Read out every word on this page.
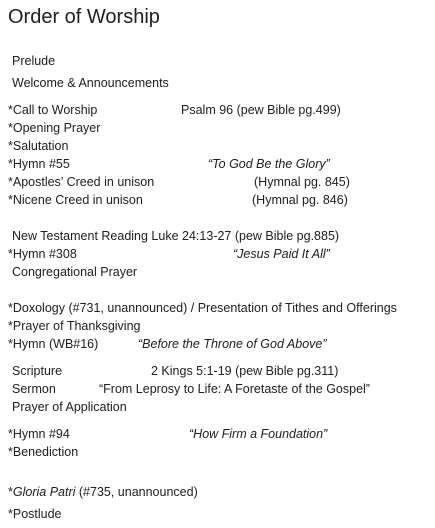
Order of Worship
Prelude
Welcome & Announcements
*Call to Worship	Psalm 96 (pew Bible pg.499)
*Opening Prayer
*Salutation
*Hymn #55	“To God Be the Glory”
*Apostles’ Creed in unison	(Hymnal pg. 845)
*Nicene Creed in unison	(Hymnal pg. 846)
New Testament Reading Luke 24:13-27 (pew Bible pg.885)
*Hymn #308	“Jesus Paid It All”
Congregational Prayer
*Doxology (#731, unannounced) / Presentation of Tithes and Offerings
*Prayer of Thanksgiving
*Hymn (WB#16)	“Before the Throne of God Above”
Scripture	2 Kings 5:1-19 (pew Bible pg.311)
Sermon	“From Leprosy to Life: A Foretaste of the Gospel”
Prayer of Application
*Hymn #94	“How Firm a Foundation”
*Benediction
*Gloria Patri (#735, unannounced)
*Postlude
